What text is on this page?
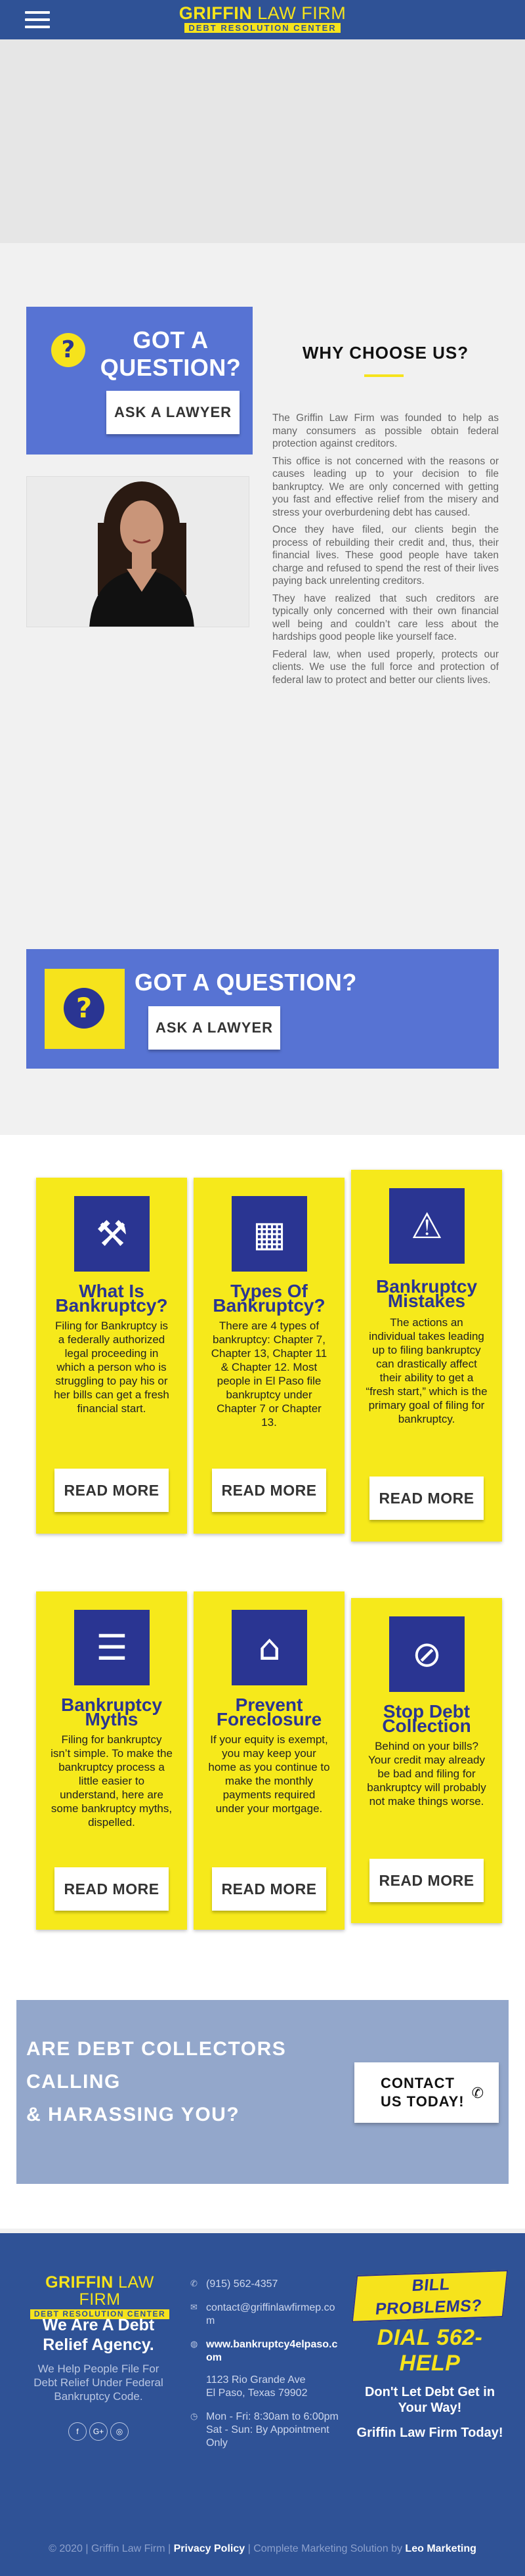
GRIFFIN LAW FIRM
DEBT RESOLUTION CENTER
?	GOT A QUESTION?
ASK A LAWYER
WHY CHOOSE US?

The Griffin Law Firm was founded to help as many consumers as possible obtain federal protection against creditors.

This office is not concerned with the reasons or causes leading up to your decision to file bankruptcy. We are only concerned with getting you fast and effective relief from the misery and stress your overburdening debt has caused.

Once they have filed, our clients begin the process of rebuilding their credit and, thus, their financial lives. These good people have taken charge and refused to spend the rest of their lives paying back unrelenting creditors.

They have realized that such creditors are typically only concerned with their own financial well being and couldn’t care less about the hardships good people like yourself face.

Federal law, when used properly, protects our clients. We use the full force and protection of federal law to protect and better our clients lives.

?
GOT A QUESTION?
ASK A LAWYER
⚒
What Is Bankruptcy?
Filing for Bankruptcy is a federally authorized legal proceeding in which a person who is struggling to pay his or her bills can get a fresh financial start.
READ MORE
▦
Types Of Bankruptcy?
There are 4 types of bankruptcy: Chapter 7, Chapter 13, Chapter 11 & Chapter 12. Most people in El Paso file bankruptcy under Chapter 7 or Chapter 13.
READ MORE
⚠
Bankruptcy Mistakes
The actions an individual takes leading up to filing bankruptcy can drastically affect their ability to get a “fresh start,” which is the primary goal of filing for bankruptcy.
READ MORE
☰
Bankruptcy Myths
Filing for bankruptcy isn’t simple. To make the bankruptcy process a little easier to understand, here are some bankruptcy myths, dispelled.
READ MORE
⌂
Prevent Foreclosure
If your equity is exempt, you may keep your home as you continue to make the monthly payments required under your mortgage.
READ MORE
⊘
Stop Debt Collection
Behind on your bills? Your credit may already be bad and filing for bankruptcy will probably not make things worse.
READ MORE
ARE DEBT COLLECTORS CALLING
& HARASSING YOU?
CONTACT
US TODAY! ✆
GRIFFIN LAW FIRM
DEBT RESOLUTION CENTER
We Are A Debt Relief Agency.
We Help People File For Debt Relief Under Federal Bankruptcy Code.
f G+ ◎
✆ (915) 562-4357
✉ contact@griffinlawfirmep.com
◍ www.bankruptcy4elpaso.com
1123 Rio Grande Ave
El Paso, Texas 79902
◷ Mon - Fri: 8:30am to 6:00pm
Sat - Sun: By Appointment Only
BILL PROBLEMS?
DIAL 562-HELP
Don't Let Debt Get in Your Way!
Griffin Law Firm Today!
© 2020 | Griffin Law Firm | Privacy Policy | Complete Marketing Solution by Leo Marketing
